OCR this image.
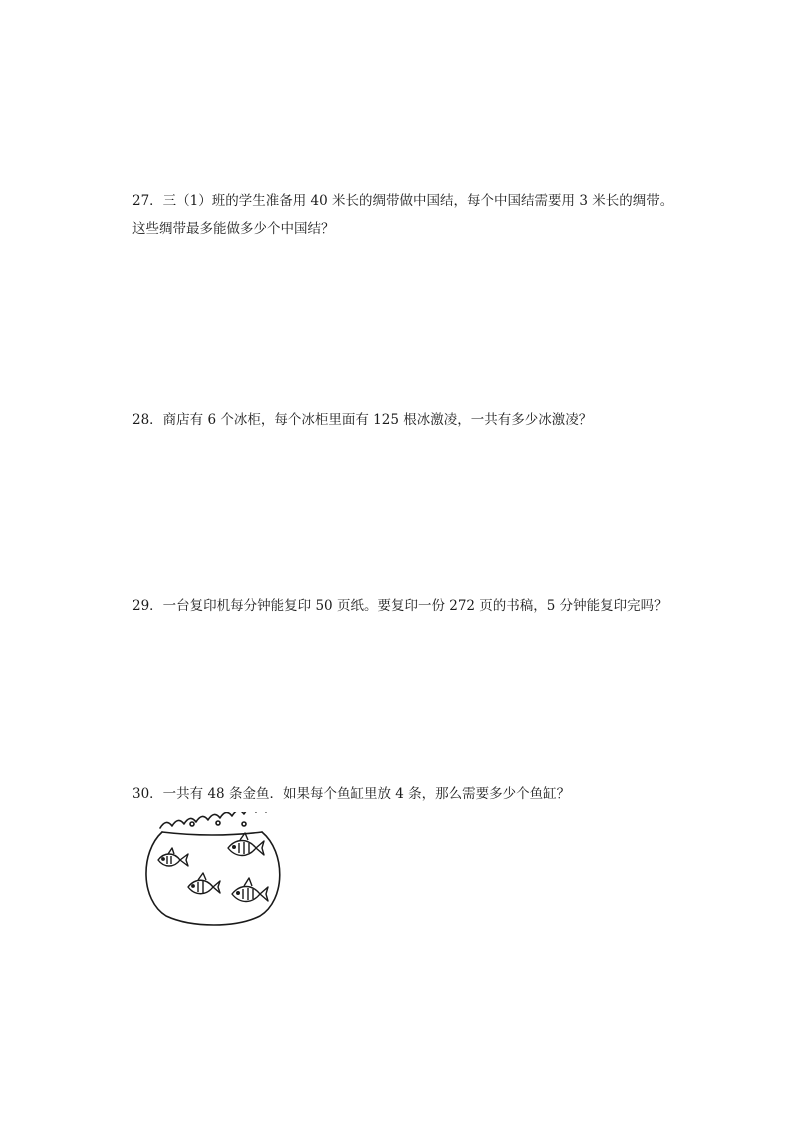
27．三（1）班的学生准备用 40 米长的绸带做中国结，每个中国结需要用 3 米长的绸带。
这些绸带最多能做多少个中国结？

28．商店有 6 个冰柜，每个冰柜里面有 125 根冰激凌，一共有多少冰激凌？

29．一台复印机每分钟能复印 50 页纸。要复印一份 272 页的书稿，5 分钟能复印完吗？

30．一共有 48 条金鱼．如果每个鱼缸里放 4 条，那么需要多少个鱼缸？
